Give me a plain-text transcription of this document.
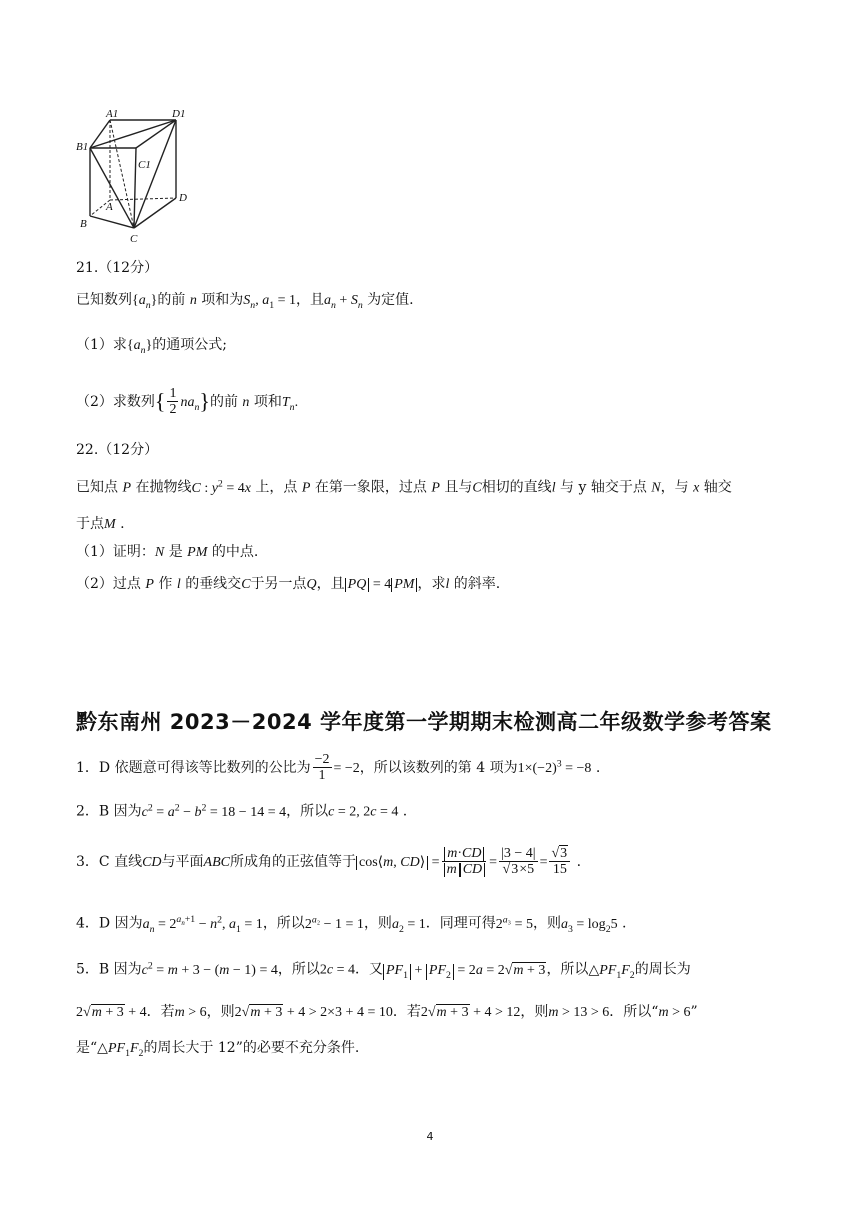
A1	D1
B1
C1
D
A
B
C
21.（12分）
已知数列$\{a_n\}$的前 n 项和为$S_n$, $a_1 = 1$，且$a_n + S_n$ 为定值.
（1）求$\{a_n\}$的通项公式;
（2）求数列{ $\frac{1}{2} na_n$}的前 n 项和$T_n$.
22.（12分）
已知点 P 在抛物线C : $y^2 = 4x$ 上，点 P 在第一象限，过点 P 且与C相切的直线l 与 y 轴交于点 N，与 x 轴交
于点M .
（1）证明：N 是 PM 的中点.
（2）过点 P 作 l 的垂线交C于另一点Q，且 PQ = 4 PM ，求l 的斜率.
黔东南州 2023－2024 学年度第一学期期末检测高二年级数学参考答案
1．D 依题意可得该等比数列的公比为 $\frac{-2}{1} = -2$，所以该数列的第 4 项为$1\times(-2)^3 = -8$ .
2．B 因为$c^2 = a^2 - b^2 = 18 - 14 = 4$，所以c = 2, 2c = 4 .
3．C 直线CD与平面ABC所成角的正弦值等于 cos⟨m, CD⟩ = $\frac{m\cdot CD}{\text{m CD}} = \frac{|3 - 4|}{√3\times 5} = \frac{√3}{15}$ .
4．D 因为$a_n = 2^{a_n+1} - n^2$, $a_1 = 1$，所以$2^{a_2} - 1 = 1$，则$a_2 = 1$．同理可得$2^{a_3} = 5$，则$a_3 = \log_25$ .
5．B 因为$c^2 = m + 3 - (m - 1) = 4$，所以2c = 4．又 $PF_1 + PF_2 = 2a = 2√m + 3$，所以$\triangle PF_1F_2$的周长为
2√m + 3 + 4．若m > 6，则2√m + 3 + 4 > 2×3 + 4 = 10．若2√m + 3 + 4 > 12，则m > 13 > 6．所以“m > 6”
是“$\triangle PF_1F_2$的周长大于 12”的必要不充分条件.
4
